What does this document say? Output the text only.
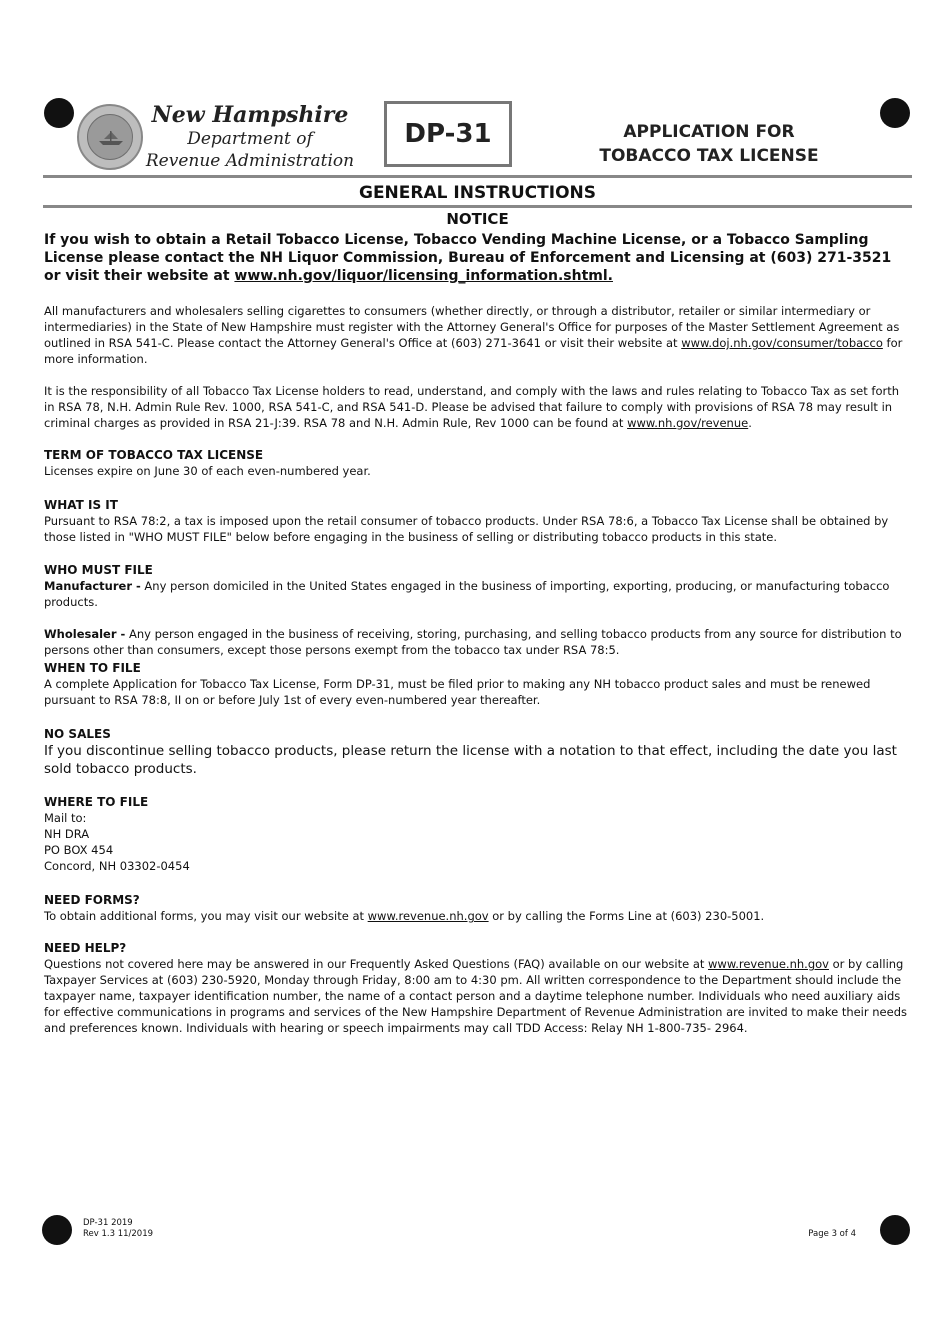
New Hampshire
Department of
Revenue Administration
DP-31	APPLICATION FOR
TOBACCO TAX LICENSE
GENERAL INSTRUCTIONS
NOTICE
If you wish to obtain a Retail Tobacco License, Tobacco Vending Machine License, or a Tobacco Sampling License please contact the NH Liquor Commission, Bureau of Enforcement and Licensing at (603) 271-3521 or visit their website at www.nh.gov/liquor/licensing_information.shtml.

All manufacturers and wholesalers selling cigarettes to consumers (whether directly, or through a distributor, retailer or similar intermediary or intermediaries) in the State of New Hampshire must register with the Attorney General's Office for purposes of the Master Settlement Agreement as outlined in RSA 541-C. Please contact the Attorney General's Office at (603) 271-3641 or visit their website at www.doj.nh.gov/consumer/tobacco for more information.

It is the responsibility of all Tobacco Tax License holders to read, understand, and comply with the laws and rules relating to Tobacco Tax as set forth in RSA 78, N.H. Admin Rule Rev. 1000, RSA 541-C, and RSA 541-D. Please be advised that failure to comply with provisions of RSA 78 may result in criminal charges as provided in RSA 21-J:39. RSA 78 and N.H. Admin Rule, Rev 1000 can be found at www.nh.gov/revenue.

TERM OF TOBACCO TAX LICENSE

Licenses expire on June 30 of each even-numbered year.

WHAT IS IT

Pursuant to RSA 78:2, a tax is imposed upon the retail consumer of tobacco products. Under RSA 78:6, a Tobacco Tax License shall be obtained by those listed in "WHO MUST FILE" below before engaging in the business of selling or distributing tobacco products in this state.

WHO MUST FILE

Manufacturer - Any person domiciled in the United States engaged in the business of importing, exporting, producing, or manufacturing tobacco products.

Wholesaler - Any person engaged in the business of receiving, storing, purchasing, and selling tobacco products from any source for distribution to persons other than consumers, except those persons exempt from the tobacco tax under RSA 78:5.

WHEN TO FILE

A complete Application for Tobacco Tax License, Form DP-31, must be filed prior to making any NH tobacco product sales and must be renewed pursuant to RSA 78:8, II on or before July 1st of every even-numbered year thereafter.

NO SALES

If you discontinue selling tobacco products, please return the license with a notation to that effect, including the date you last sold tobacco products.

WHERE TO FILE
Mail to:
NH DRA
PO BOX 454
Concord, NH 03302-0454
NEED FORMS?

To obtain additional forms, you may visit our website at www.revenue.nh.gov or by calling the Forms Line at (603) 230-5001.

NEED HELP?

Questions not covered here may be answered in our Frequently Asked Questions (FAQ) available on our website at www.revenue.nh.gov or by calling Taxpayer Services at (603) 230-5920, Monday through Friday, 8:00 am to 4:30 pm. All written correspondence to the Department should include the taxpayer name, taxpayer identification number, the name of a contact person and a daytime telephone number. Individuals who need auxiliary aids for effective communications in programs and services of the New Hampshire Department of Revenue Administration are invited to make their needs and preferences known. Individuals with hearing or speech impairments may call TDD Access: Relay NH 1-800-735- 2964.

DP-31 2019
Rev 1.3 11/2019	Page 3 of 4
